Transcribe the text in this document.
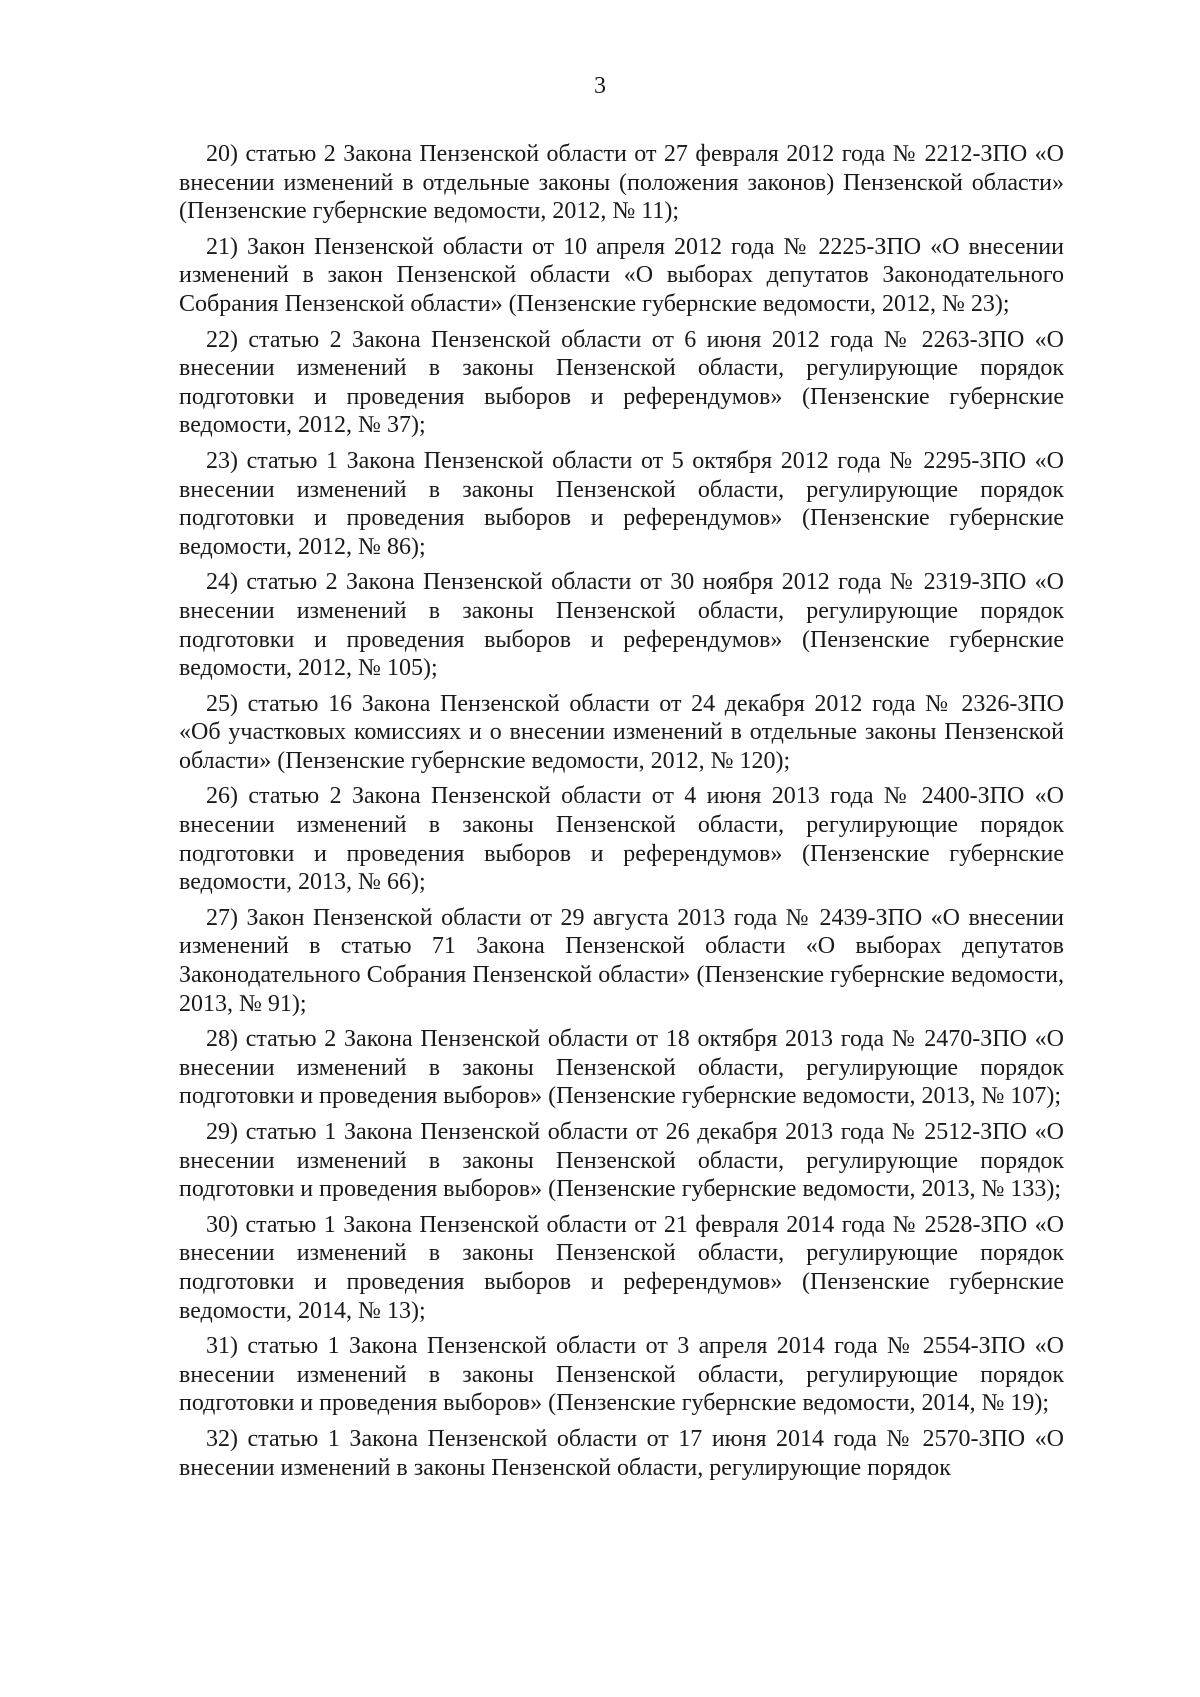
3

20) статью 2 Закона Пензенской области от 27 февраля 2012 года № 2212-ЗПО «О внесении изменений в отдельные законы (положения законов) Пензенской области» (Пензенские губернские ведомости, 2012, № 11);

21) Закон Пензенской области от 10 апреля 2012 года № 2225-ЗПО «О внесении изменений в закон Пензенской области «О выборах депутатов Законодательного Собрания Пензенской области» (Пензенские губернские ведомости, 2012, № 23);

22) статью 2 Закона Пензенской области от 6 июня 2012 года № 2263-ЗПО «О внесении изменений в законы Пензенской области, регулирующие порядок подготовки и проведения выборов и референдумов» (Пензенские губернские ведомости, 2012, № 37);

23) статью 1 Закона Пензенской области от 5 октября 2012 года № 2295-ЗПО «О внесении изменений в законы Пензенской области, регулирующие порядок подготовки и проведения выборов и референдумов» (Пензенские губернские ведомости, 2012, № 86);

24) статью 2 Закона Пензенской области от 30 ноября 2012 года № 2319-ЗПО «О внесении изменений в законы Пензенской области, регулирующие порядок подготовки и проведения выборов и референдумов» (Пензенские губернские ведомости, 2012, № 105);

25) статью 16 Закона Пензенской области от 24 декабря 2012 года № 2326-ЗПО «Об участковых комиссиях и о внесении изменений в отдельные законы Пензенской области» (Пензенские губернские ведомости, 2012, № 120);

26) статью 2 Закона Пензенской области от 4 июня 2013 года № 2400-ЗПО «О внесении изменений в законы Пензенской области, регулирующие порядок подготовки и проведения выборов и референдумов» (Пензенские губернские ведомости, 2013, № 66);

27) Закон Пензенской области от 29 августа 2013 года № 2439-ЗПО «О внесении изменений в статью 71 Закона Пензенской области «О выборах депутатов Законодательного Собрания Пензенской области» (Пензенские губернские ведомости, 2013, № 91);

28) статью 2 Закона Пензенской области от 18 октября 2013 года № 2470-ЗПО «О внесении изменений в законы Пензенской области, регулирующие порядок подготовки и проведения выборов» (Пензенские губернские ведомости, 2013, № 107);

29) статью 1 Закона Пензенской области от 26 декабря 2013 года № 2512-ЗПО «О внесении изменений в законы Пензенской области, регулирующие порядок подготовки и проведения выборов» (Пензенские губернские ведомости, 2013, № 133);

30) статью 1 Закона Пензенской области от 21 февраля 2014 года № 2528-ЗПО «О внесении изменений в законы Пензенской области, регулирующие порядок подготовки и проведения выборов и референдумов» (Пензенские губернские ведомости, 2014, № 13);

31) статью 1 Закона Пензенской области от 3 апреля 2014 года № 2554-ЗПО «О внесении изменений в законы Пензенской области, регулирующие порядок подготовки и проведения выборов» (Пензенские губернские ведомости, 2014, № 19);

32) статью 1 Закона Пензенской области от 17 июня 2014 года № 2570-ЗПО «О внесении изменений в законы Пензенской области, регулирующие порядок
